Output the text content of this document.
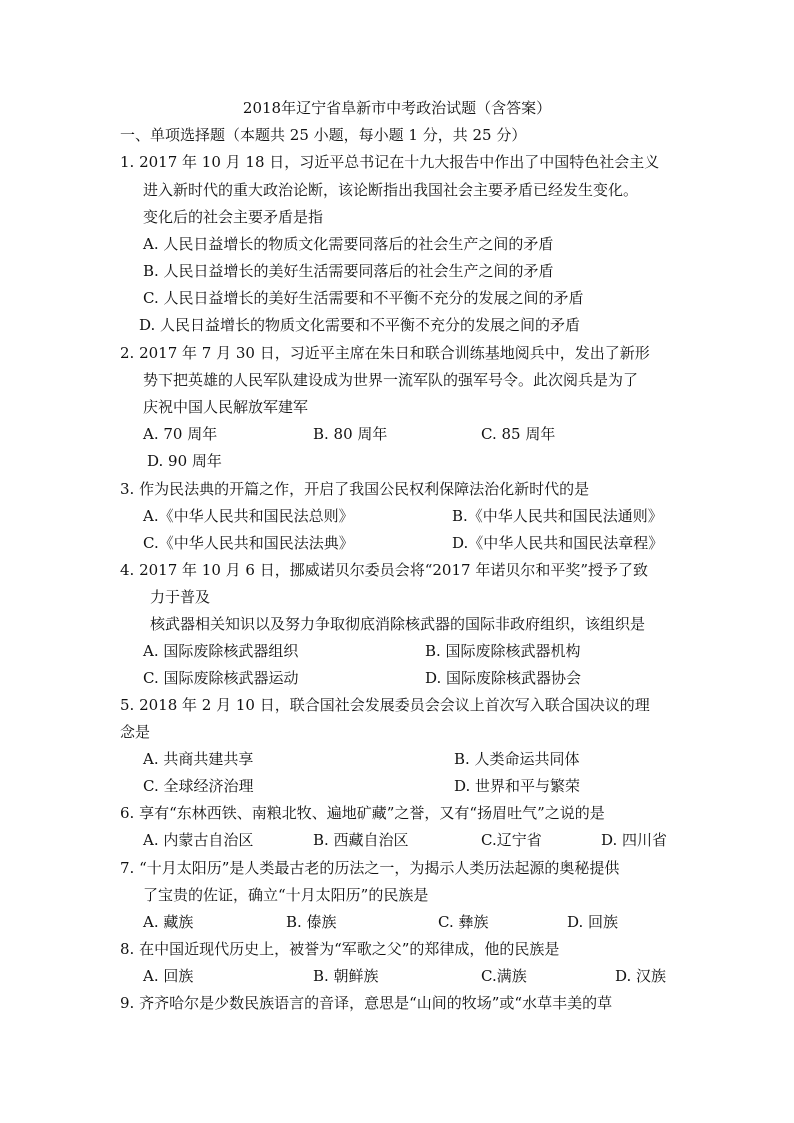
2018年辽宁省阜新市中考政治试题（含答案）
一、单项选择题（本题共 25 小题，每小题 1 分，共 25 分）
1. 2017 年 10 月 18 日，习近平总书记在十九大报告中作出了中国特色社会主义
进入新时代的重大政治论断，该论断指出我国社会主要矛盾已经发生变化。
变化后的社会主要矛盾是指
A. 人民日益增长的物质文化需要同落后的社会生产之间的矛盾
B. 人民日益增长的美好生活需要同落后的社会生产之间的矛盾
C. 人民日益增长的美好生活需要和不平衡不充分的发展之间的矛盾
D. 人民日益增长的物质文化需要和不平衡不充分的发展之间的矛盾
2. 2017 年 7 月 30 日，习近平主席在朱日和联合训练基地阅兵中，发出了新形
势下把英雄的人民军队建设成为世界一流军队的强军号令。此次阅兵是为了
庆祝中国人民解放军建军
A. 70 周年	B. 80 周年	C. 85 周年
D. 90 周年
3. 作为民法典的开篇之作，开启了我国公民权利保障法治化新时代的是
A.《中华人民共和国民法总则》	B.《中华人民共和国民法通则》
C.《中华人民共和国民法法典》	D.《中华人民共和国民法章程》
4. 2017 年 10 月 6 日，挪威诺贝尔委员会将“2017 年诺贝尔和平奖”授予了致
力于普及
核武器相关知识以及努力争取彻底消除核武器的国际非政府组织，该组织是
A. 国际废除核武器组织	B. 国际废除核武器机构
C. 国际废除核武器运动	D. 国际废除核武器协会
5. 2018 年 2 月 10 日，联合国社会发展委员会会议上首次写入联合国决议的理
念是
A. 共商共建共享	B. 人类命运共同体
C. 全球经济治理	D. 世界和平与繁荣
6. 享有“东林西铁、南粮北牧、遍地矿藏”之誉，又有“扬眉吐气”之说的是
A. 内蒙古自治区	B. 西藏自治区	C.辽宁省	D. 四川省
7. “十月太阳历”是人类最古老的历法之一，为揭示人类历法起源的奥秘提供
了宝贵的佐证，确立“十月太阳历”的民族是
A. 藏族	B. 傣族	C. 彝族	D. 回族
8. 在中国近现代历史上，被誉为“军歌之父”的郑律成，他的民族是
A. 回族	B. 朝鲜族	C.满族	D. 汉族
9. 齐齐哈尔是少数民族语言的音译，意思是“山间的牧场”或“水草丰美的草
